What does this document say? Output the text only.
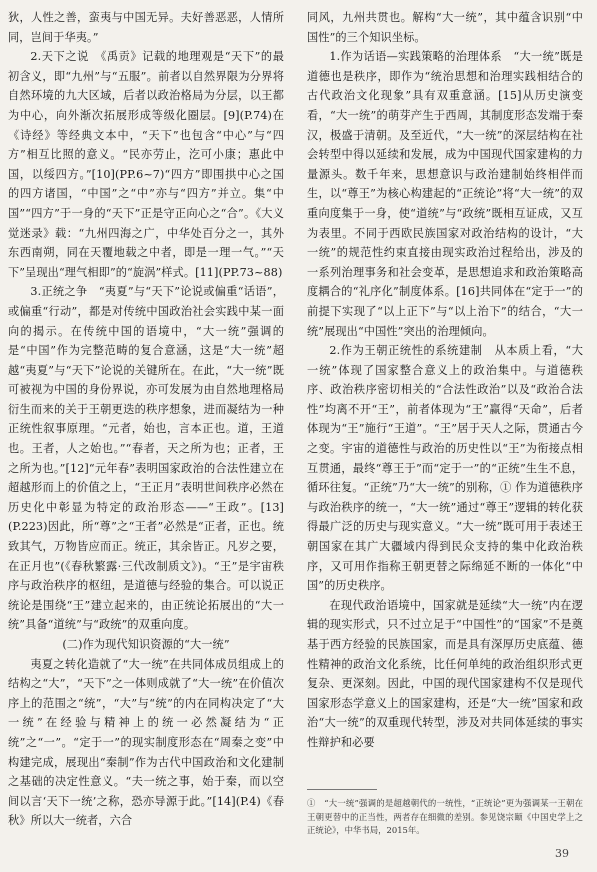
狄，人性之善，蛮夷与中国无异。夫好善恶恶，人情所同，岂间于华夷。”

2.天下之说　《禹贡》记载的地理观是“天下”的最初含义，即“九州”与“五服”。前者以自然界限为分界将自然环境的九大区域，后者以政治格局为分层，以王都为中心，向外渐次拓展形成等级化圈层。[9](P.74)在《诗经》等经典文本中，“天下”也包含“中心”与“四方”相互比照的意义。“民亦劳止，汔可小康；惠此中国，以绥四方。”[10](PP.6~7)“四方”即围拱中心之国的四方诸国，“中国”之“中”亦与“四方”并立。集“中国”“四方”于一身的“天下”正是守正向心之“合”。《大义觉迷录》载：“九州四海之广，中华处百分之一，其外东西南朔，同在天覆地载之中者，即是一理一气。”“天下”呈现出“理气相即”的“旋涡”样式。[11](PP.73~88)

3.正统之争　“夷夏”与“天下”论说或偏重“话语”，或偏重“行动”，都是对传统中国政治社会实践中某一面向的揭示。在传统中国的语境中，“大一统”强调的是“中国”作为完整范畴的复合意涵，这是“大一统”超越“夷夏”与“天下”论说的关键所在。在此，“大一统”既可被视为中国的身份界说，亦可发展为由自然地理格局衍生而来的关于王朝更迭的秩序想象，进而凝结为一种正统性叙事原理。“元者，始也，言本正也。道，王道也。王者，人之始也。”“春者，天之所为也；正者，王之所为也。”[12]“元年春”表明国家政治的合法性建立在超越形而上的价值之上，“王正月”表明世间秩序必然在历史化中彰显为特定的政治形态——“王政”。[13](P.223)因此，所“尊”之“王者”必然是“正者，正也。统致其气，万物皆应而正。统正，其余皆正。凡岁之要，在正月也”(《春秋繁露·三代改制质文》)。“王”是宇宙秩序与政治秩序的枢纽，是道德与经验的集合。可以说正统论是围绕“王”建立起来的，由正统论拓展出的“大一统”具备“道统”与“政统”的双重向度。

(二)作为现代知识资源的“大一统”

夷夏之转化造就了“大一统”在共同体成员组成上的结构之“大”，“天下”之一体则成就了“大一统”在价值次序上的范围之“统”，“大”与“统”的内在同构决定了“大一统”在经验与精神上的统一必然凝结为“正统”之“一”。“定于一”的现实制度形态在“周秦之变”中构建完成，展现出“秦制”作为古代中国政治和文化建制之基础的决定性意义。“夫一统之事，始于秦，而以空间以言‘天下一统’之称，恐亦导源于此。”[14](P.4)《春秋》所以大一统者，六合

同风，九州共贯也。解构“大一统”，其中蕴含识别“中国性”的三个知识坐标。

1.作为话语—实践策略的治理体系　“大一统”既是道德也是秩序，即作为“统治思想和治理实践相结合的古代政治文化现象”具有双重意涵。[15]从历史演变看，“大一统”的萌芽产生于西周，其制度形态发端于秦汉，极盛于清朝。及至近代，“大一统”的深层结构在社会转型中得以延续和发展，成为中国现代国家建构的力量源头。数千年来，思想意识与政治建制始终相伴而生，以“尊王”为核心构建起的“正统论”将“大一统”的双重向度集于一身，使“道统”与“政统”既相互证成，又互为表里。不同于西欧民族国家对政治结构的设计，“大一统”的规范性约束直接由现实政治过程给出，涉及的一系列治理事务和社会变革，是思想追求和政治策略高度耦合的“礼序化”制度体系。[16]共同体在“定于一”的前提下实现了“以上正下”与“以上治下”的结合，“大一统”展现出“中国性”突出的治理倾向。

2.作为王朝正统性的系统建制　从本质上看，“大一统”体现了国家整合意义上的政治集中。与道德秩序、政治秩序密切相关的“合法性政治”以及“政治合法性”均离不开“王”，前者体现为“王”赢得“天命”，后者体现为“王”施行“王道”。“王”居于天人之际，贯通古今之变。宇宙的道德性与政治的历史性以“王”为衔接点相互贯通，最终“尊王于”而“定于一”的“正统”生生不息，循环往复。“正统”乃“大一统”的别称，① 作为道德秩序与政治秩序的统一，“大一统”通过“尊王”逻辑的转化获得最广泛的历史与现实意义。“大一统”既可用于表述王朝国家在其广大疆域内得到民众支持的集中化政治秩序，又可用作指称王朝更替之际绵延不断的一体化“中国”的历史秩序。

在现代政治语境中，国家就是延续“大一统”内在逻辑的现实形式，只不过立足于“中国性”的“国家”不是奠基于西方经验的民族国家，而是具有深厚历史底蕴、德性精神的政治文化系统，比任何单纯的政治组织形式更复杂、更深刻。因此，中国的现代国家建构不仅是现代国家形态学意义上的国家建构，还是“大一统”国家和政治“大一统”的双重现代转型，涉及对共同体延续的事实性辩护和必要

①　“大一统”强调的是超越朝代的一统性，“正统论”更为强调某一王朝在王朝更替中的正当性，两者存在细微的差别。参见饶宗颐《中国史学上之正统论》，中华书局，2015年。
39
